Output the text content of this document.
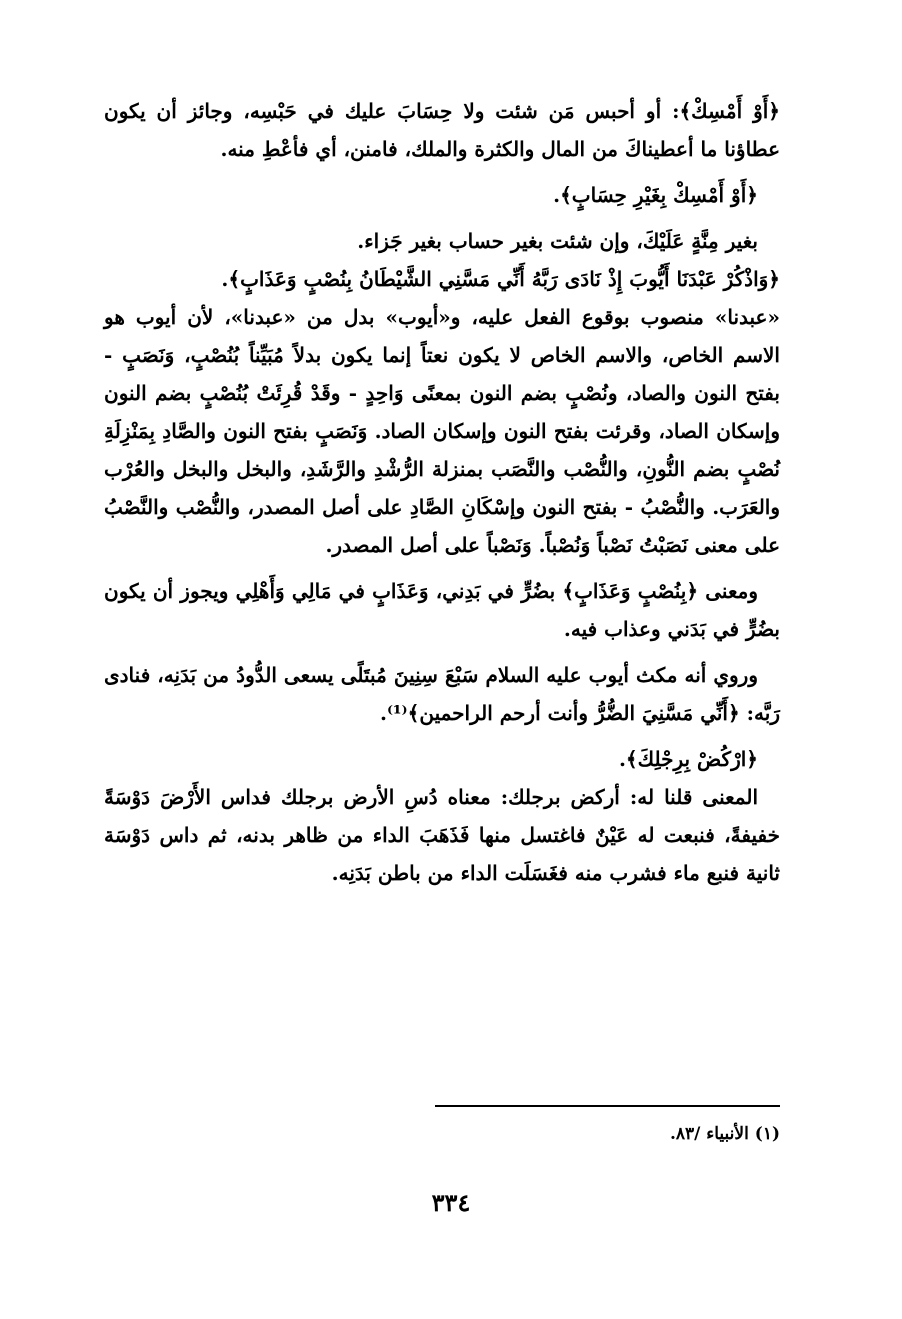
﴿أَوْ أَمْسِكْ﴾: أو أحبس مَن شئت ولا حِسَابَ عليك في حَبْسِه، وجائز أن يكون عطاؤنا ما أعطيناكَ من المال والكثرة والملك، فامنن، أي فأعْطِ منه.

﴿أَوْ أَمْسِكْ بِغَيْرِ حِسَابٍ﴾.

بغير مِنَّةٍ عَلَيْكَ، وإن شئت بغير حساب بغير جَزاء.

﴿وَاذْكُرْ عَبْدَنَا أَيُّوبَ إِذْ نَادَى رَبَّهُ أَنِّي مَسَّنِي الشَّيْطَانُ بِنُصْبٍ وَعَذَابٍ﴾.

«عبدنا» منصوب بوقوع الفعل عليه، و«أيوب» بدل من «عبدنا»، لأن أيوب هو الاسم الخاص، والاسم الخاص لا يكون نعتاً إنما يكون بدلاً مُبَيِّناً بُنُصْبٍ، وَنَصَبٍ - بفتح النون والصاد، ونُصْبٍ بضم النون بمعنًى وَاحِدٍ - وقَدْ قُرِئَتْ بُنُصْبٍ بضم النون وإسكان الصاد، وقرئت بفتح النون وإسكان الصاد. وَنَصَبٍ بفتح النون والصَّادِ بِمَنْزِلَةِ نُصْبٍ بضم النُّونِ، والنُّصْب والنَّصَب بمنزلة الرُّشْدِ والرَّشَدِ، والبخل والبخل والعُرْب والعَرَب. والنُّصْبُ - بفتح النون وإسْكَانِ الصَّادِ على أصل المصدر، والنُّصْب والنَّصْبُ على معنى نَصَبْتُ نَصْباً وَنُصْباً. وَنَصْباً على أصل المصدر.

ومعنى ﴿بِنُصْبٍ وَعَذَابٍ﴾ بضُرٍّ في بَدِني، وَعَذَابٍ في مَالِي وَأَهْلِي ويجوز أن يكون بضُرٍّ في بَدَني وعذاب فيه.

وروي أنه مكث أيوب عليه السلام سَبْعَ سِنِينَ مُبتَلًى يسعى الدُّودُ من بَدَنِه، فنادى رَبَّه: ﴿أَنِّي مَسَّنِيَ الضُّرُّ وأنت أرحم الراحمين﴾⁽¹⁾.

﴿ارْكُضْ بِرِجْلِكَ﴾.

المعنى قلنا له: أركض برجلك: معناه دُسِ الأرض برجلك فداس الأَرْضَ دَوْسَةً خفيفةً، فنبعت له عَيْنٌ فاغتسل منها فَذَهَبَ الداء من ظاهر بدنه، ثم داس دَوْسَة ثانية فنبع ماء فشرب منه فغَسَلَت الداء من باطن بَدَنِه.

(١) الأنبياء /٨٣.
٣٣٤
